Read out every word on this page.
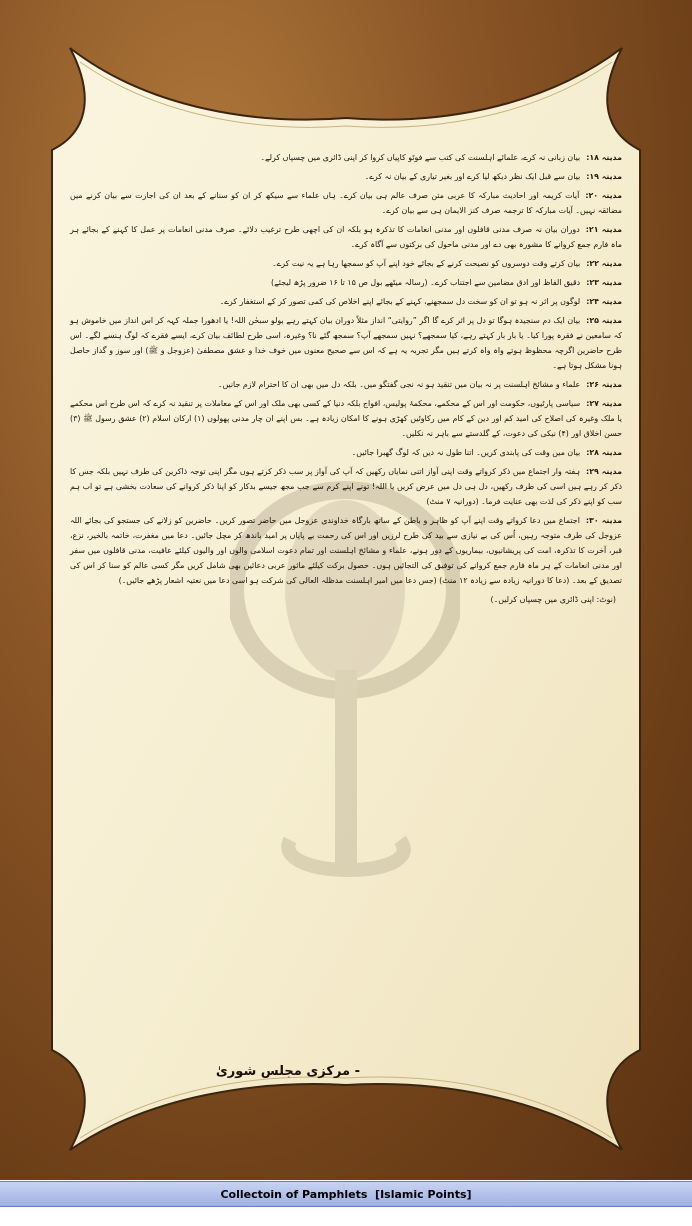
مدینہ ۱۸:بیان زبانی نہ کرے، علمائے اہلسنت کی کتب سے فوٹو کاپیاں کروا کر اپنی ڈائری میں چسپاں کرلے۔
مدینہ ۱۹:بیان سے قبل ایک نظر دیکھ لیا کرے اور بغیر تیاری کے بیان نہ کرے۔
مدینہ ۲۰:آیات کریمہ اور احادیث مبارکہ کا عربی متن صرف عالم ہی بیان کرے۔ ہاں علماء سے سیکھ کر ان کو سنانے کے بعد ان کی اجازت سے بیان کرنے میں مضائقہ نہیں۔ آیات مبارکہ کا ترجمہ صرف کنز الایمان ہی سے بیان کرے۔
مدینہ ۲۱:دوران بیان نہ صرف مدنی قافلوں اور مدنی انعامات کا تذکرہ ہو بلکہ ان کی اچھی طرح ترغیب دلائے۔ صرف مدنی انعامات پر عمل کا کہنے کے بجائے ہر ماہ فارم جمع کروانے کا مشورہ بھی دے اور مدنی ماحول کی برکتوں سے آگاہ کرے۔
مدینہ ۲۲:بیان کرتے وقت دوسروں کو نصیحت کرنے کے بجائے خود اپنے آپ کو سمجھا رہا ہے یہ نیت کرے۔
مدینہ ۲۳:دقیق الفاظ اور ادق مضامین سے اجتناب کرے۔ (رسالہ میٹھے بول ص ۱۵ تا ۱۶ ضرور پڑھ لیجئے)
مدینہ ۲۴:لوگوں پر اثر نہ ہو تو ان کو سخت دل سمجھنے، کہنے کے بجائے اپنے اخلاص کی کمی تصور کر کے استغفار کرے۔
مدینہ ۲۵:بیان ایک دم سنجیدہ ہوگا تو دل پر اثر کرے گا اگر ”روایتی“ انداز مثلاً دوران بیان کہتے رہے بولو سبحٰن اللہ! یا ادھورا جملہ کہہ کر اس انداز میں خاموش ہو کہ سامعین نے فقرہ پورا کیا۔ یا بار بار کہتے رہے، کیا سمجھے؟ نہیں سمجھے آپ؟ سمجھ گئے نا؟ وغیرہ، اسی طرح لطائف بیان کرے، ایسے فقرے کہ لوگ ہنسے لگے۔ اس طرح حاضرین اگرچہ محظوظ ہوتے واہ واہ کرتے ہیں مگر تجربہ یہ ہے کہ اس سے صحیح معنوں میں خوف خدا و عشق مصطفیٰ (عزوجل و ﷺ) اور سوز و گداز حاصل ہونا مشکل ہوتا ہے۔
مدینہ ۲۶:علماء و مشائخ اہلسنت پر نہ بیان میں تنقید ہو نہ نجی گفتگو میں۔ بلکہ دل میں بھی ان کا احترام لازم جانیں۔
مدینہ ۲۷:سیاسی پارٹیوں، حکومت اور اس کے محکمے، محکمۂ پولیس، افواج بلکہ دنیا کے کسی بھی ملک اور اس کے معاملات پر تنقید نہ کرے کہ اس طرح اس محکمے یا ملک وغیرہ کی اصلاح کی امید کم اور دین کے کام میں رکاوٹیں کھڑی ہونے کا امکان زیادہ ہے۔ بس اپنے ان چار مدنی پھولوں (۱) ارکان اسلام (۲) عشق رسول ﷺ (۳) حسن اخلاق اور (۴) نیکی کی دعوت، کے گلدستے سے باہر نہ نکلیں۔
مدینہ ۲۸:بیان میں وقت کی پابندی کریں۔ اتنا طول نہ دیں کہ لوگ گھبرا جائیں۔
مدینہ ۲۹:ہفتہ وار اجتماع میں ذکر کرواتے وقت اپنی آواز اتنی نمایاں رکھیں کہ آپ کی آواز پر سب ذکر کرتے ہوں مگر اپنی توجہ ذاکرین کی طرف نہیں بلکہ جس کا ذکر کر رہے ہیں اسی کی طرف رکھیں، دل ہی دل میں عرض کریں یا اللہ! تونے اپنے کرم سے جب مجھ جیسے بدکار کو اپنا ذکر کروانے کی سعادت بخشی ہے تو اب ہم سب کو اپنے ذکر کی لذت بھی عنایت فرما۔ (دورانیہ ۷ منٹ)
مدینہ ۳۰:اجتماع میں دعا کرواتے وقت اپنے آپ کو ظاہر و باطن کے ساتھ بارگاہ خداوندی عزوجل میں حاضر تصور کریں۔ حاضرین کو زلانے کی جستجو کی بجائے اللہ عزوجل کی طرف متوجہ رہیں، اُس کی بے نیازی سے بید کی طرح لرزیں اور اس کی رحمت بے پایاں پر امید باندھ کر مچل جائیں۔ دعا میں مغفرت، خاتمہ بالخیر، نزع، قبر، آخرت کا تذکرہ، امت کی پریشانیوں، بیماریوں کے دور ہونے، علماء و مشائخ اہلسنت اور تمام دعوت اسلامی والوں اور والیوں کیلئے عافیت، مدنی قافلوں میں سفر اور مدنی انعامات کے ہر ماہ فارم جمع کروانے کی توفیق کی التجائیں ہوں۔ حصول برکت کیلئے ماثور عربی دعائیں بھی شامل کریں مگر کسی عالم کو سنا کر اس کی تصدیق کے بعد۔ (دعا کا دورانیہ زیادہ سے زیادہ ۱۲ منٹ) (جس دعا میں امیر اہلسنت مدظلہ العالی کی شرکت ہو اسی دعا میں نعتیہ اشعار پڑھے جائیں۔)
(نوٹ: اپنی ڈائری میں چسپاں کرلیں۔)
- مرکزی مجلس شوریٰ
Collectoin of Pamphlets  [Islamic Points]
